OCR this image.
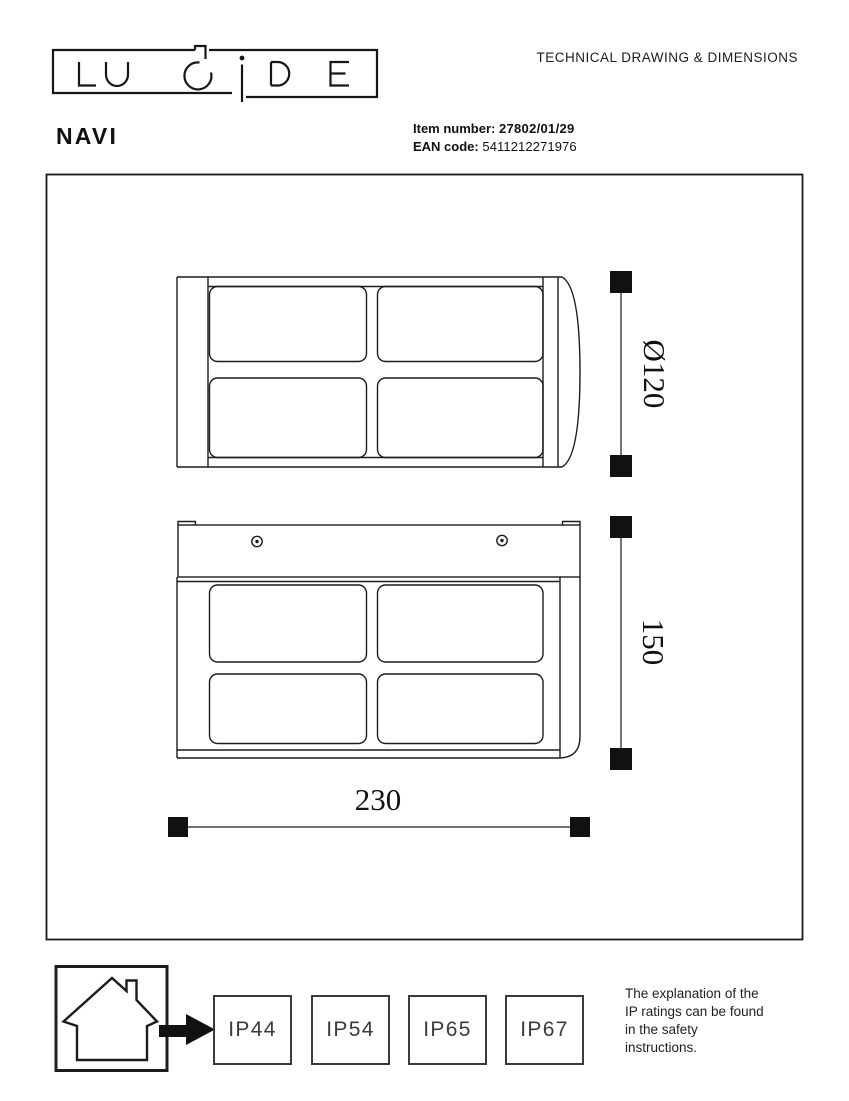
TECHNICAL DRAWING & DIMENSIONS
NAVI	Item number: 27802/01/29
EAN code: 5411212271976
Ø120
150
230
IP44	IP54	IP65	IP67
The explanation of the
IP ratings can be found
in the safety
instructions.
